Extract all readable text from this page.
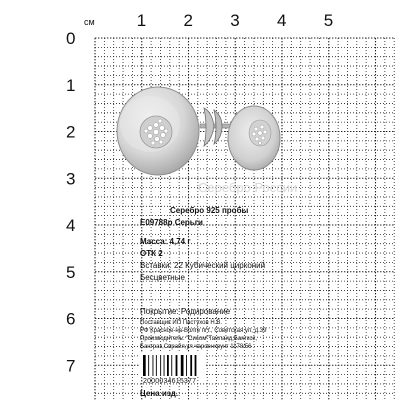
см 1 2 3 4 5
0
1
2
3
4
5
6
7
Серебро России
Серебро 925 пробы
Е09788р Серьги
Масса: 4,74 г
ОТК 2
Вставки: 22 Кубический цирконий
Бесцветные
Покрытие: Родирование
Поставщик ИП Пастухов Н.В.
РФ Красное-на-Волге пгт., Советская ул, д.39
Производитель: "Сисом"Таиланд,Бангкок,
Банграк,Сирайя,ул.чароенкрунг 1178/56
2000034615377
Цена изд.
